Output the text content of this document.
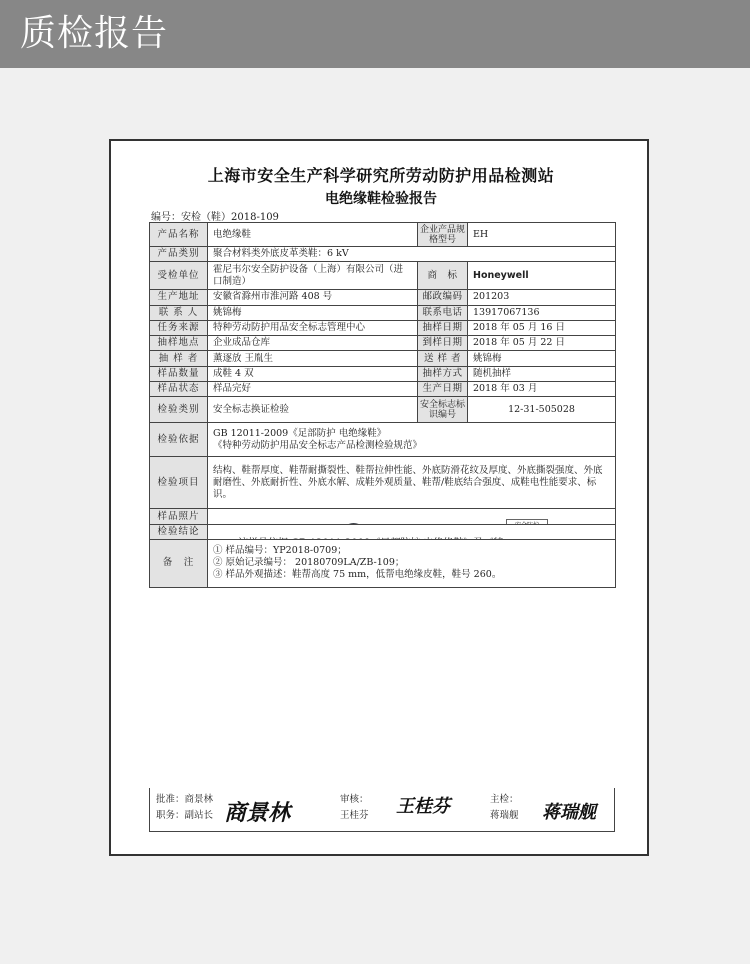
质检报告
上海市安全生产科学研究所劳动防护用品检测站
电绝缘鞋检验报告
编号：安检（鞋）2018-109
产品名称	电绝缘鞋	企业产品规格型号	EH
产品类别	聚合材料类外底皮革类鞋：6 kV		
受检单位	霍尼韦尔安全防护设备（上海）有限公司（进口制造）	商　标	Honeywell
生产地址	安徽省滁州市淮河路 408 号	邮政编码	201203
联 系 人	姚锦梅	联系电话	13917067136
任务来源	特种劳动防护用品安全标志管理中心	抽样日期	2018 年 05 月 16 日
抽样地点	企业成品仓库	到样日期	2018 年 05 月 22 日
抽 样 者	薰逐放 王胤生	送 样 者	姚锦梅
样品数量	成鞋 4 双	抽样方式	随机抽样
样品状态	样品完好	生产日期	2018 年 03 月
检验类别	安全标志换证检验	安全标志标识编号	12-31-505028
检验依据	GB 12011-2009《足部防护 电绝缘鞋》
《特种劳动防护用品安全标志产品检测检验规范》		

检验项目	结构、鞋帮厚度、鞋帮耐撕裂性、鞋帮拉伸性能、外底防滑花纹及厚度、外底撕裂强度、外底耐磨性、外底耐折性、外底水解、成鞋外观质量、鞋帮/鞋底结合强度、成鞋电性能要求、标识。		
样品照片	LA		

检验结论	

备　注	① 样品编号：YP2018-0709；
② 原始记录编号： 20180709LA/ZB-109；
③ 样品外观描述：鞋帮高度 75 mm，低帮电绝缘皮鞋，鞋号 260。		
批准：商景林
职务：副站长 商景林
审核：
王桂芬 王桂芬	主检：
蒋瑞舰 蒋瑞舰
